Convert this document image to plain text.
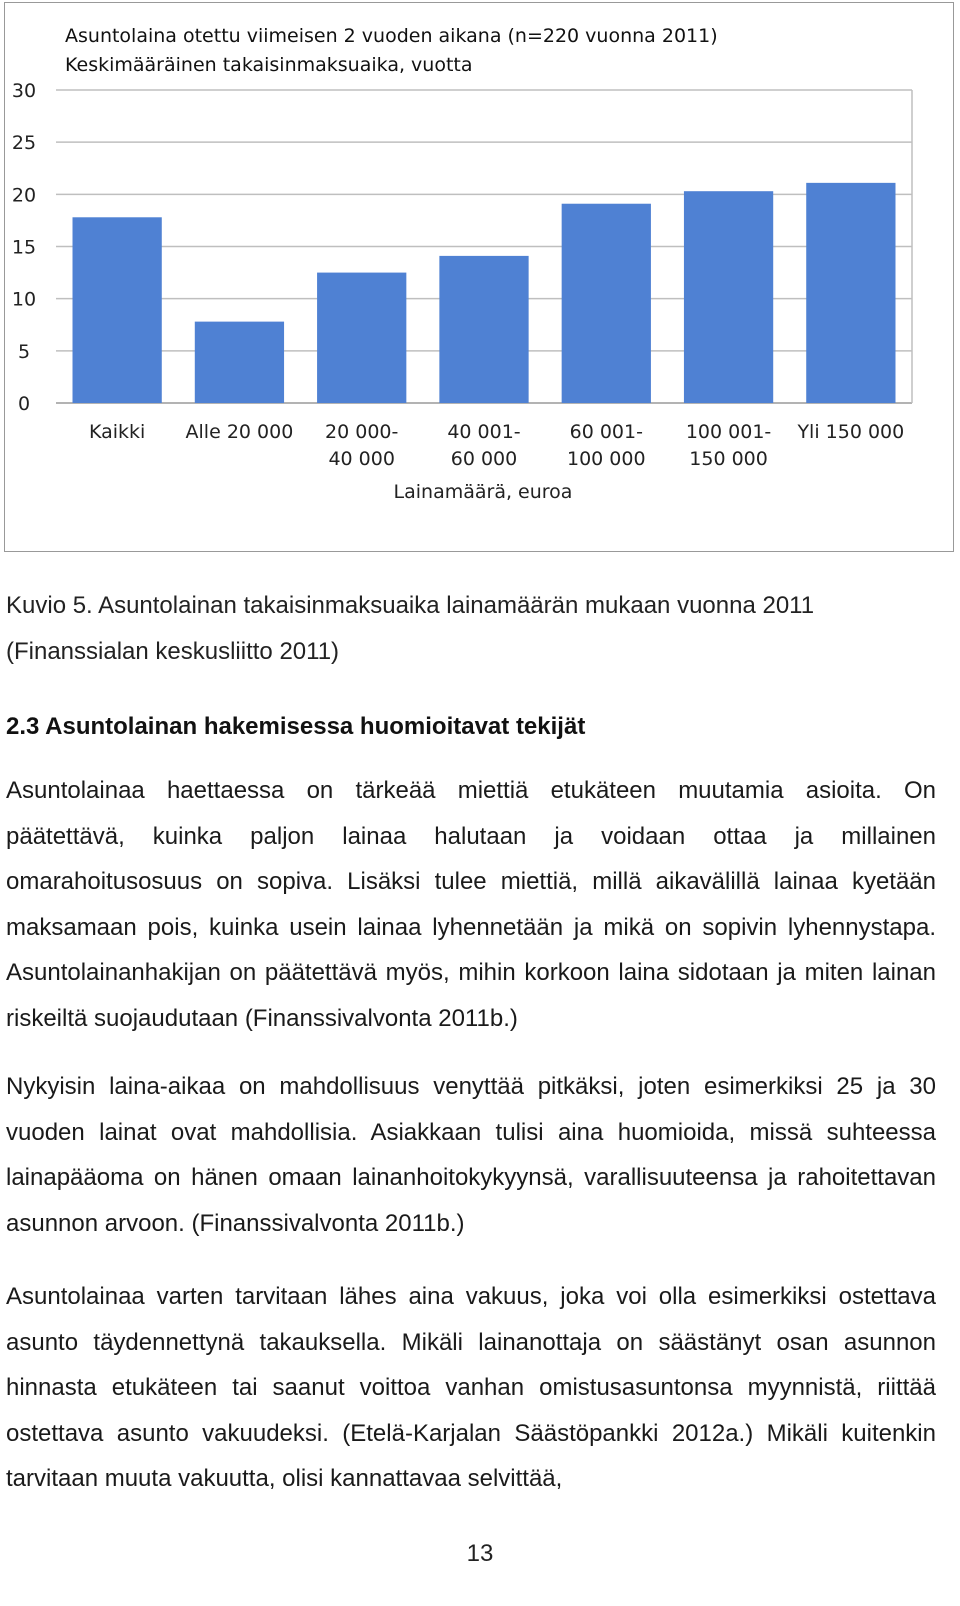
Asuntolaina otettu viimeisen 2 vuoden aikana (n=220 vuonna 2011)

Keskimääräinen takaisinmaksuaika, vuotta

0
5
10
15
20
25
30
Kaikki Alle 20 000 20 000-
40 000
40 001-
60 000
60 001-
100 000
100 001-
150 000
Yli 150 000
Lainamäärä, euroa

Kuvio 5. Asuntolainan takaisinmaksuaika lainamäärän mukaan vuonna 2011 (Finanssialan keskusliitto 2011)

2.3 Asuntolainan hakemisessa huomioitavat tekijät

Asuntolainaa haettaessa on tärkeää miettiä etukäteen muutamia asioita. On päätettävä, kuinka paljon lainaa halutaan ja voidaan ottaa ja millainen omarahoitusosuus on sopiva. Lisäksi tulee miettiä, millä aikavälillä lainaa kyetään maksamaan pois, kuinka usein lainaa lyhennetään ja mikä on sopivin lyhennystapa. Asuntolainanhakijan on päätettävä myös, mihin korkoon laina sidotaan ja miten lainan riskeiltä suojaudutaan (Finanssivalvonta 2011b.)

Nykyisin laina-aikaa on mahdollisuus venyttää pitkäksi, joten esimerkiksi 25 ja 30 vuoden lainat ovat mahdollisia. Asiakkaan tulisi aina huomioida, missä suhteessa lainapääoma on hänen omaan lainanhoitokykyynsä, varallisuuteensa ja rahoitettavan asunnon arvoon. (Finanssivalvonta 2011b.)

Asuntolainaa varten tarvitaan lähes aina vakuus, joka voi olla esimerkiksi ostettava asunto täydennettynä takauksella. Mikäli lainanottaja on säästänyt osan asunnon hinnasta etukäteen tai saanut voittoa vanhan omistusasuntonsa myynnistä, riittää ostettava asunto vakuudeksi. (Etelä-Karjalan Säästöpankki 2012a.) Mikäli kuitenkin tarvitaan muuta vakuutta, olisi kannattavaa selvittää,

13
